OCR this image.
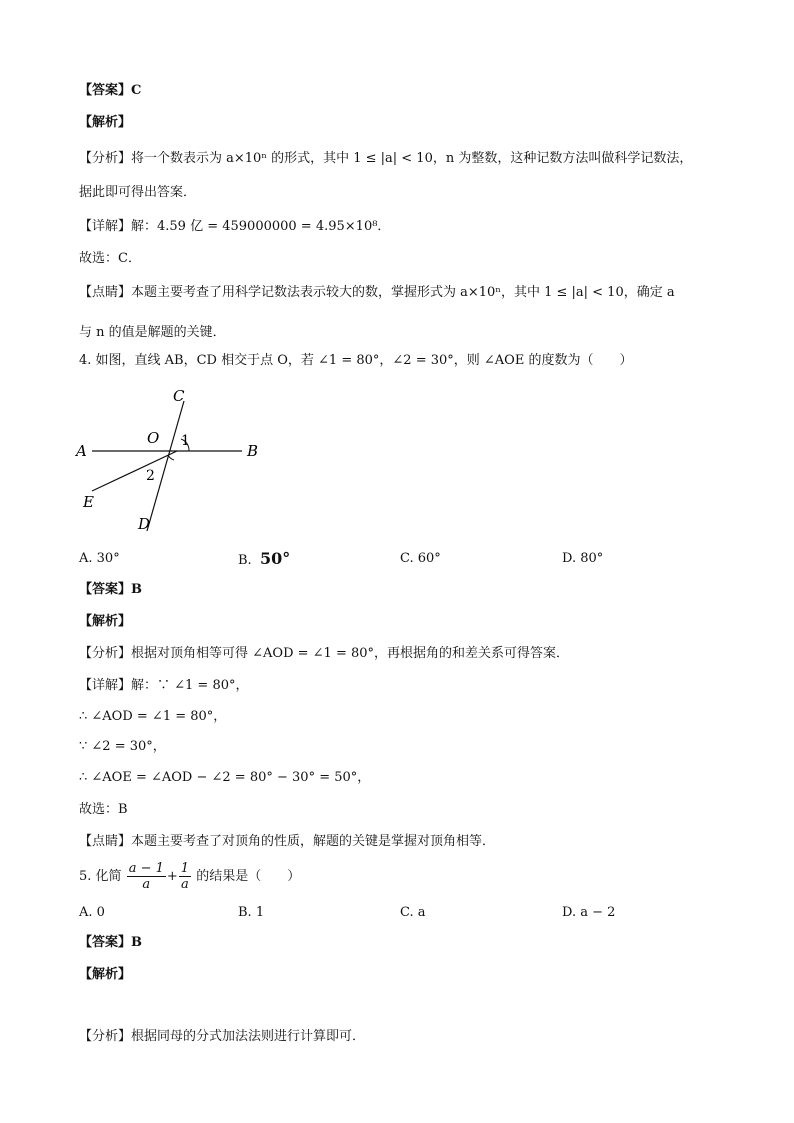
【答案】C
【解析】
【分析】将一个数表示为 a×10ⁿ 的形式，其中 1 ≤ |a| < 10，n 为整数，这种记数方法叫做科学记数法，
据此即可得出答案．
【详解】解：4.59 亿 = 459000000 = 4.95×10⁸．
故选：C．
【点睛】本题主要考查了用科学记数法表示较大的数，掌握形式为 a×10ⁿ，其中 1 ≤ |a| < 10，确定 a
与 n 的值是解题的关键．
4. 如图，直线 AB，CD 相交于点 O，若 ∠1 = 80°，∠2 = 30°，则 ∠AOE 的度数为（　　）
A	B
C
D
E
O 1
2
A. 30°	B. 50°	C. 60°	D. 80°
【答案】B
【解析】
【分析】根据对顶角相等可得 ∠AOD = ∠1 = 80°，再根据角的和差关系可得答案．
【详解】解：∵ ∠1 = 80°，
∴ ∠AOD = ∠1 = 80°，
∵ ∠2 = 30°，
∴ ∠AOE = ∠AOD − ∠2 = 80° − 30° = 50°，
故选：B
【点睛】本题主要考查了对顶角的性质，解题的关键是掌握对顶角相等．
5. 化简 $\frac{a - 1}{a} + \frac{1}{a}$ 的结果是（　　）
A. 0	B. 1	C. a	D. a − 2
【答案】B
【解析】
【分析】根据同母的分式加法法则进行计算即可．
